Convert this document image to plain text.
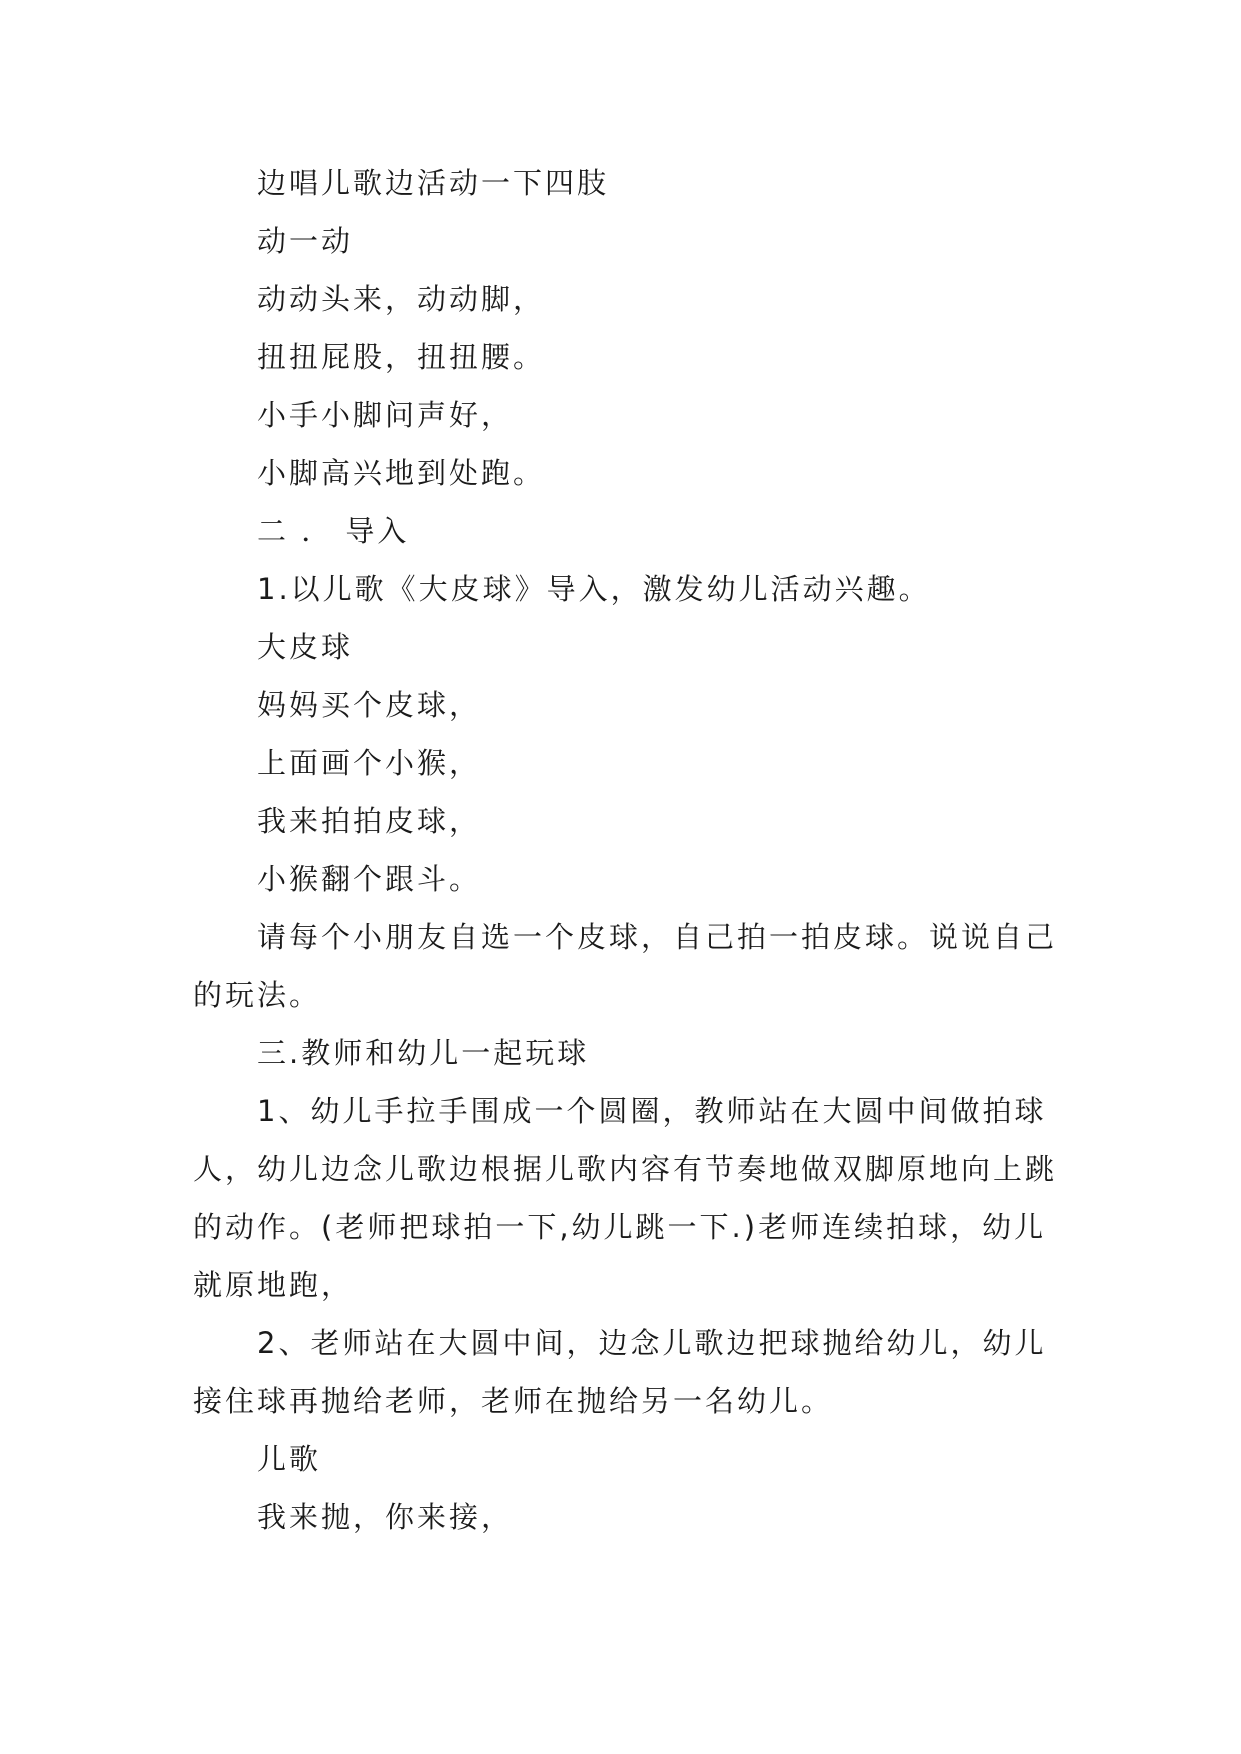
边唱儿歌边活动一下四肢

动一动

动动头来，动动脚，

扭扭屁股，扭扭腰。

小手小脚问声好，

小脚高兴地到处跑。

二 ． 导入

1.以儿歌《大皮球》导入，激发幼儿活动兴趣。

大皮球

妈妈买个皮球，

上面画个小猴，

我来拍拍皮球，

小猴翻个跟斗。

请每个小朋友自选一个皮球，自己拍一拍皮球。说说自己的玩法。

三.教师和幼儿一起玩球

1、幼儿手拉手围成一个圆圈，教师站在大圆中间做拍球人，幼儿边念儿歌边根据儿歌内容有节奏地做双脚原地向上跳的动作。(老师把球拍一下,幼儿跳一下.)老师连续拍球，幼儿就原地跑，

2、老师站在大圆中间，边念儿歌边把球抛给幼儿，幼儿接住球再抛给老师，老师在抛给另一名幼儿。

儿歌

我来抛，你来接，
